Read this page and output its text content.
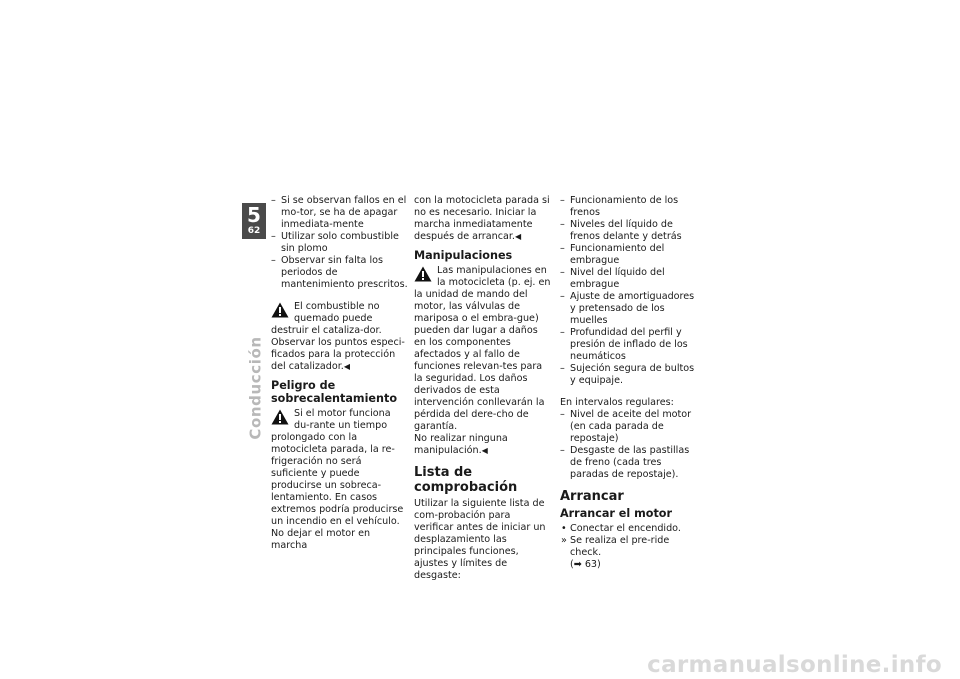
5
62
Conducción
– Si se observan fallos en el mo-tor, se ha de apagar inmediata-mente
– Utilizar solo combustible sin plomo
– Observar sin falta los periodos de mantenimiento prescritos.

El combustible no quemado puede destruir el cataliza-dor.

Observar los puntos especi-ficados para la protección del catalizador.◀

Peligro de sobrecalentamiento

Si el motor funciona du-rante un tiempo prolongado con la motocicleta parada, la re-frigeración no será suficiente y puede producirse un sobreca-lentamiento. En casos extremos podría producirse un incendio en el vehículo.

No dejar el motor en marcha

con la motocicleta parada si no es necesario. Iniciar la marcha inmediatamente después de arrancar.◀

Manipulaciones

Las manipulaciones en la motocicleta (p. ej. en la unidad de mando del motor, las válvulas de mariposa o el embra-gue) pueden dar lugar a daños en los componentes afectados y al fallo de funciones relevan-tes para la seguridad. Los daños derivados de esta intervención conllevarán la pérdida del dere-cho de garantía.

No realizar ninguna manipulación.◀

Lista de comprobación

Utilizar la siguiente lista de com-probación para verificar antes de iniciar un desplazamiento las principales funciones, ajustes y límites de desgaste:

– Funcionamiento de los frenos
– Niveles del líquido de frenos delante y detrás
– Funcionamiento del embrague
– Nivel del líquido del embrague
– Ajuste de amortiguadores y pretensado de los muelles
– Profundidad del perfil y presión de inflado de los neumáticos
– Sujeción segura de bultos y equipaje.

En intervalos regulares:

– Nivel de aceite del motor (en cada parada de repostaje)
– Desgaste de las pastillas de freno (cada tres paradas de repostaje).
Arrancar
Arrancar el motor
• Conectar el encendido.
» Se realiza el pre-ride check.
(➡ 63)
carmanualsonline.info
